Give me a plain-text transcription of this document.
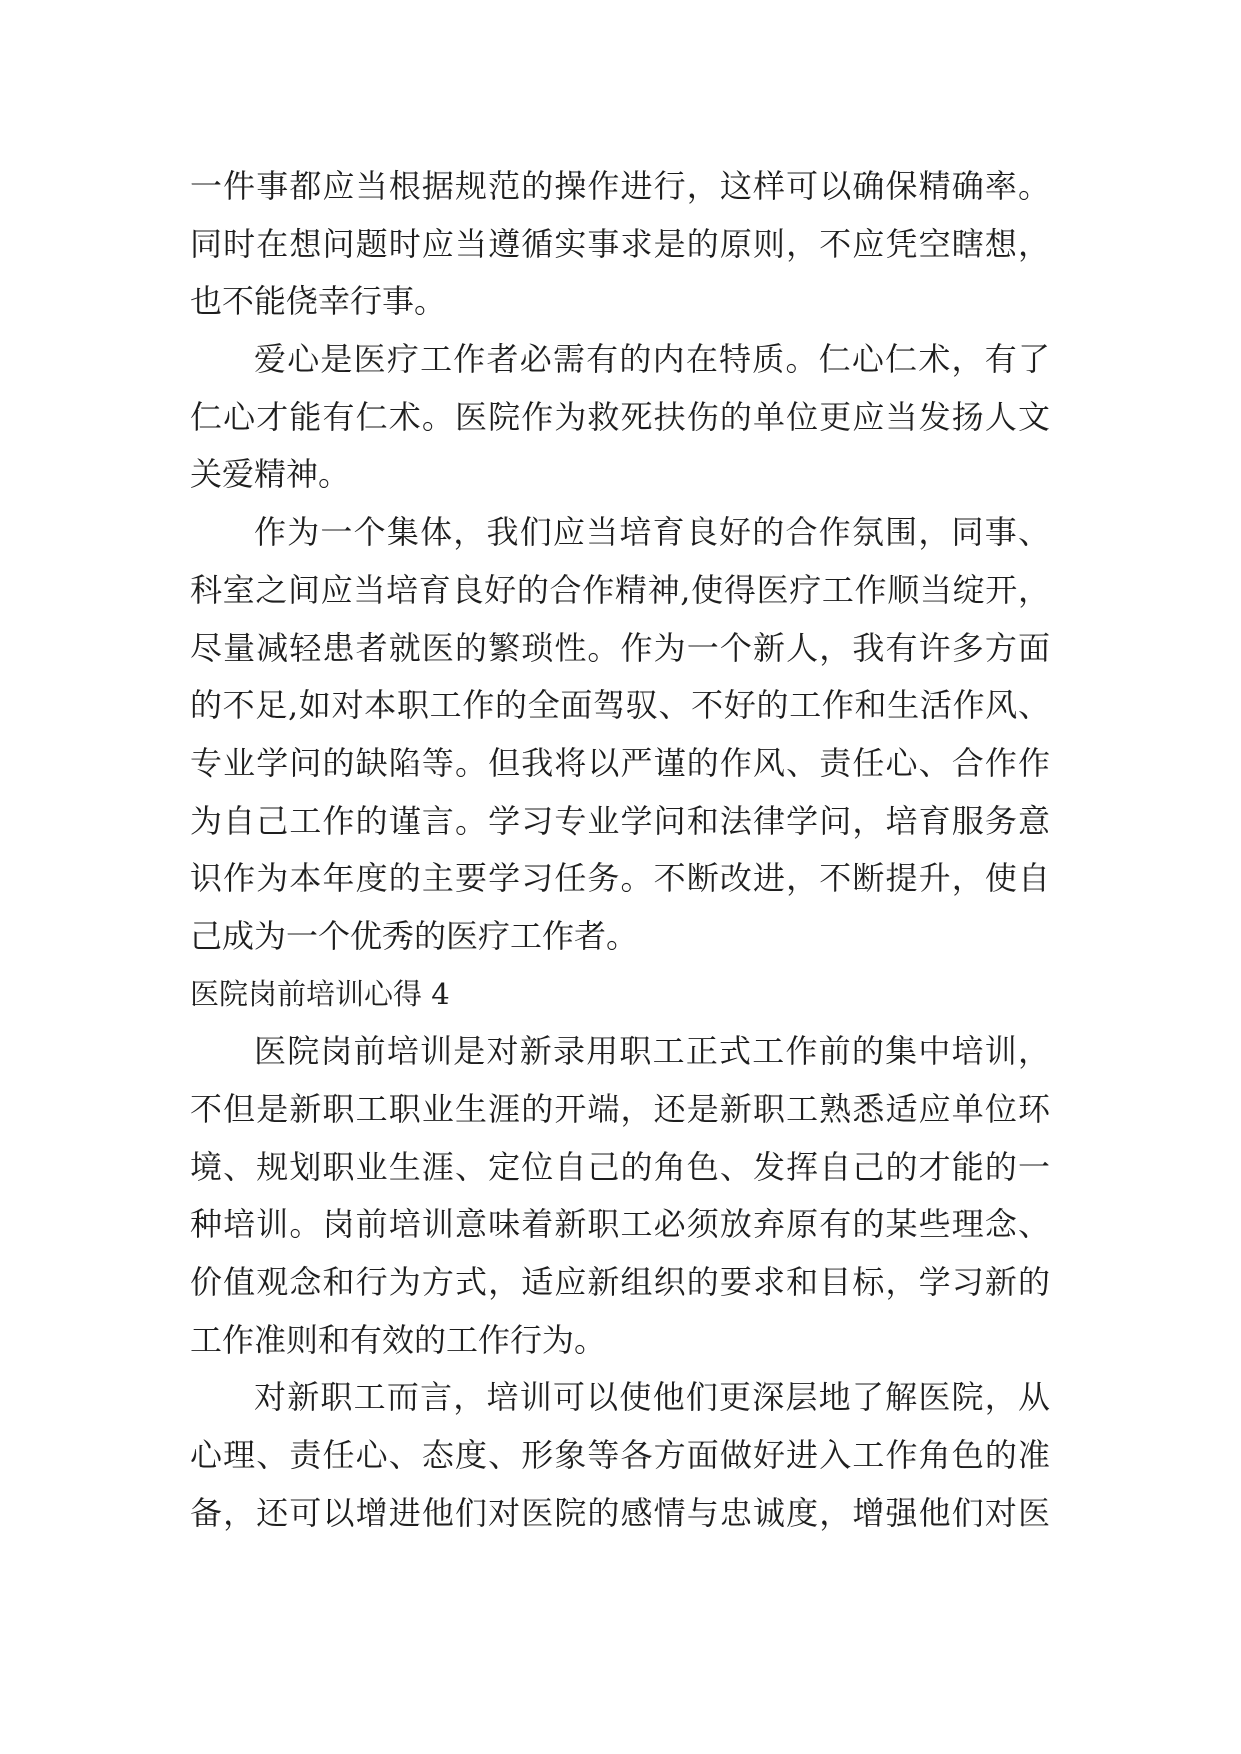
一件事都应当根据规范的操作进行，这样可以确保精确率。
同时在想问题时应当遵循实事求是的原则，不应凭空瞎想，
也不能侥幸行事。
爱心是医疗工作者必需有的内在特质。仁心仁术，有了
仁心才能有仁术。医院作为救死扶伤的单位更应当发扬人文
关爱精神。
作为一个集体，我们应当培育良好的合作氛围，同事、
科室之间应当培育良好的合作精神,使得医疗工作顺当绽开，
尽量减轻患者就医的繁琐性。作为一个新人，我有许多方面
的不足,如对本职工作的全面驾驭、不好的工作和生活作风、
专业学问的缺陷等。但我将以严谨的作风、责任心、合作作
为自己工作的谨言。学习专业学问和法律学问，培育服务意
识作为本年度的主要学习任务。不断改进，不断提升，使自
己成为一个优秀的医疗工作者。
医院岗前培训心得 4
医院岗前培训是对新录用职工正式工作前的集中培训，
不但是新职工职业生涯的开端，还是新职工熟悉适应单位环
境、规划职业生涯、定位自己的角色、发挥自己的才能的一
种培训。岗前培训意味着新职工必须放弃原有的某些理念、
价值观念和行为方式，适应新组织的要求和目标，学习新的
工作准则和有效的工作行为。
对新职工而言，培训可以使他们更深层地了解医院，从
心理、责任心、态度、形象等各方面做好进入工作角色的准
备，还可以增进他们对医院的感情与忠诚度，增强他们对医
